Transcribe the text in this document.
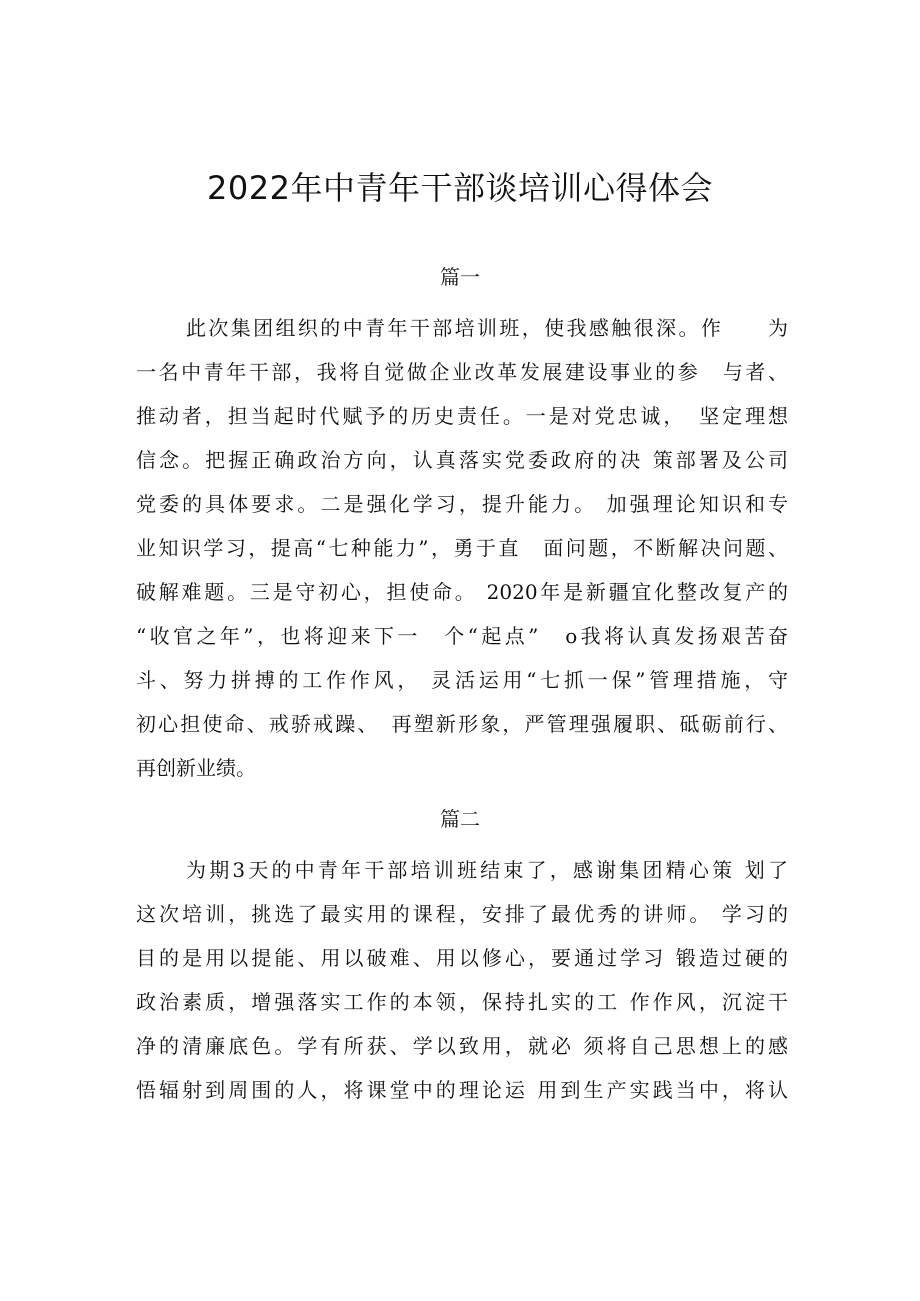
2022年中青年干部谈培训心得体会
篇一
此次集团组织的中青年干部培训班，使我感触很深。作　　为
一名中青年干部，我将自觉做企业改革发展建设事业的参　与者、
推动者，担当起时代赋予的历史责任。一是对党忠诚，　坚定理想
信念。把握正确政治方向，认真落实党委政府的决 策部署及公司
党委的具体要求。二是强化学习，提升能力。 加强理论知识和专
业知识学习，提高“七种能力”，勇于直　面问题，不断解决问题、
破解难题。三是守初心，担使命。 2020年是新疆宜化整改复产的
“收官之年”，也将迎来下一　个“起点”　o我将认真发扬艰苦奋
斗、努力拼搏的工作作风， 灵活运用“七抓一保”管理措施，守
初心担使命、戒骄戒躁、　再塑新形象，严管理强履职、砥砺前行、
再创新业绩。
篇二
为期3天的中青年干部培训班结束了，感谢集团精心策 划了
这次培训，挑选了最实用的课程，安排了最优秀的讲师。 学习的
目的是用以提能、用以破难、用以修心，要通过学习 锻造过硬的
政治素质，增强落实工作的本领，保持扎实的工 作作风，沉淀干
净的清廉底色。学有所获、学以致用，就必 须将自己思想上的感
悟辐射到周围的人，将课堂中的理论运 用到生产实践当中，将认
